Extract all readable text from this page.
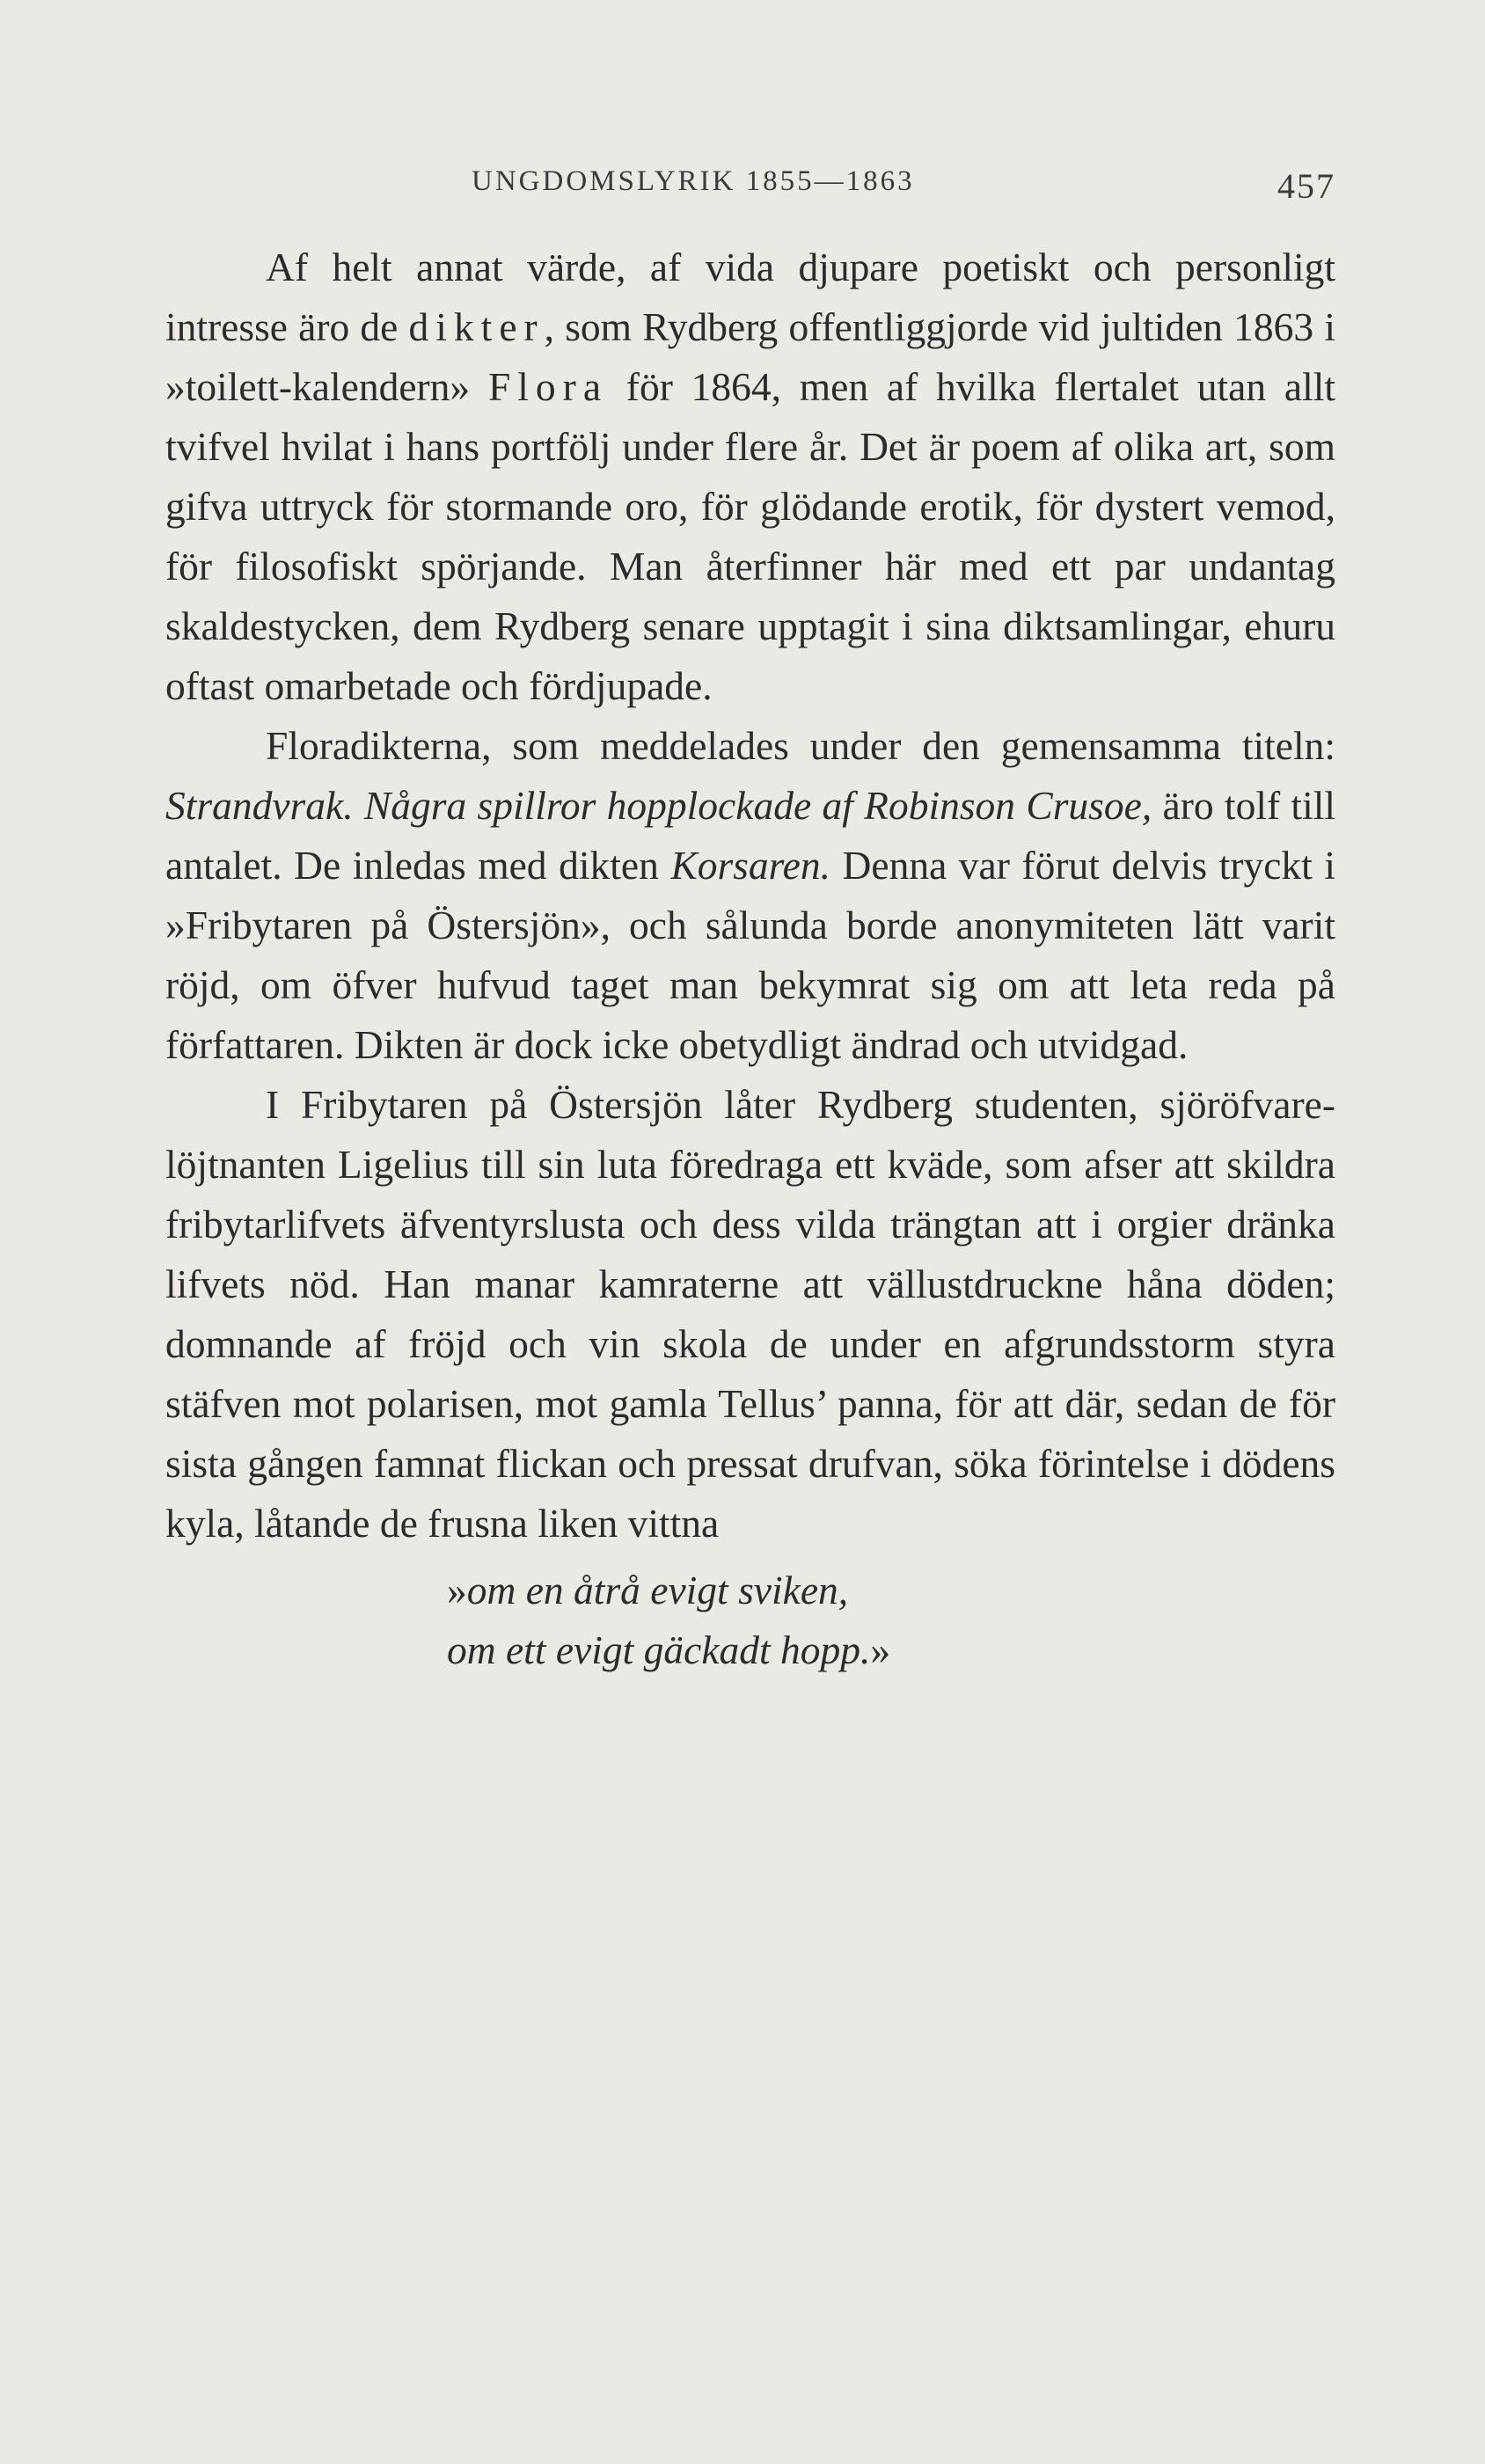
UNGDOMSLYRIK 1855—1863	457

Af helt annat värde, af vida djupare poetiskt och personligt intresse äro de dikter, som Rydberg offentliggjorde vid jultiden 1863 i »toilett-kalendern» Flora för 1864, men af hvilka flertalet utan allt tvifvel hvilat i hans portfölj under flere år. Det är poem af olika art, som gifva uttryck för stormande oro, för glödande erotik, för dystert vemod, för filosofiskt spörjande. Man återfinner här med ett par undantag skaldestycken, dem Rydberg senare upptagit i sina diktsamlingar, ehuru oftast omarbetade och fördjupade.

Floradikterna, som meddelades under den gemensamma titeln: Strandvrak. Några spillror hopplockade af Robinson Crusoe, äro tolf till antalet. De inledas med dikten Korsaren. Denna var förut delvis tryckt i »Fribytaren på Östersjön», och sålunda borde anonymiteten lätt varit röjd, om öfver hufvud taget man bekymrat sig om att leta reda på författaren. Dikten är dock icke obetydligt ändrad och utvidgad.

I Fribytaren på Östersjön låter Rydberg studenten, sjöröfvare-löjtnanten Ligelius till sin luta föredraga ett kväde, som afser att skildra fribytarlifvets äfventyrslusta och dess vilda trängtan att i orgier dränka lifvets nöd. Han manar kamraterne att vällustdruckne håna döden; domnande af fröjd och vin skola de under en afgrundsstorm styra stäfven mot polarisen, mot gamla Tellus’ panna, för att där, sedan de för sista gången famnat flickan och pressat drufvan, söka förintelse i dödens kyla, låtande de frusna liken vittna

»om en åtrå evigt sviken,
om ett evigt gäckadt hopp.»
